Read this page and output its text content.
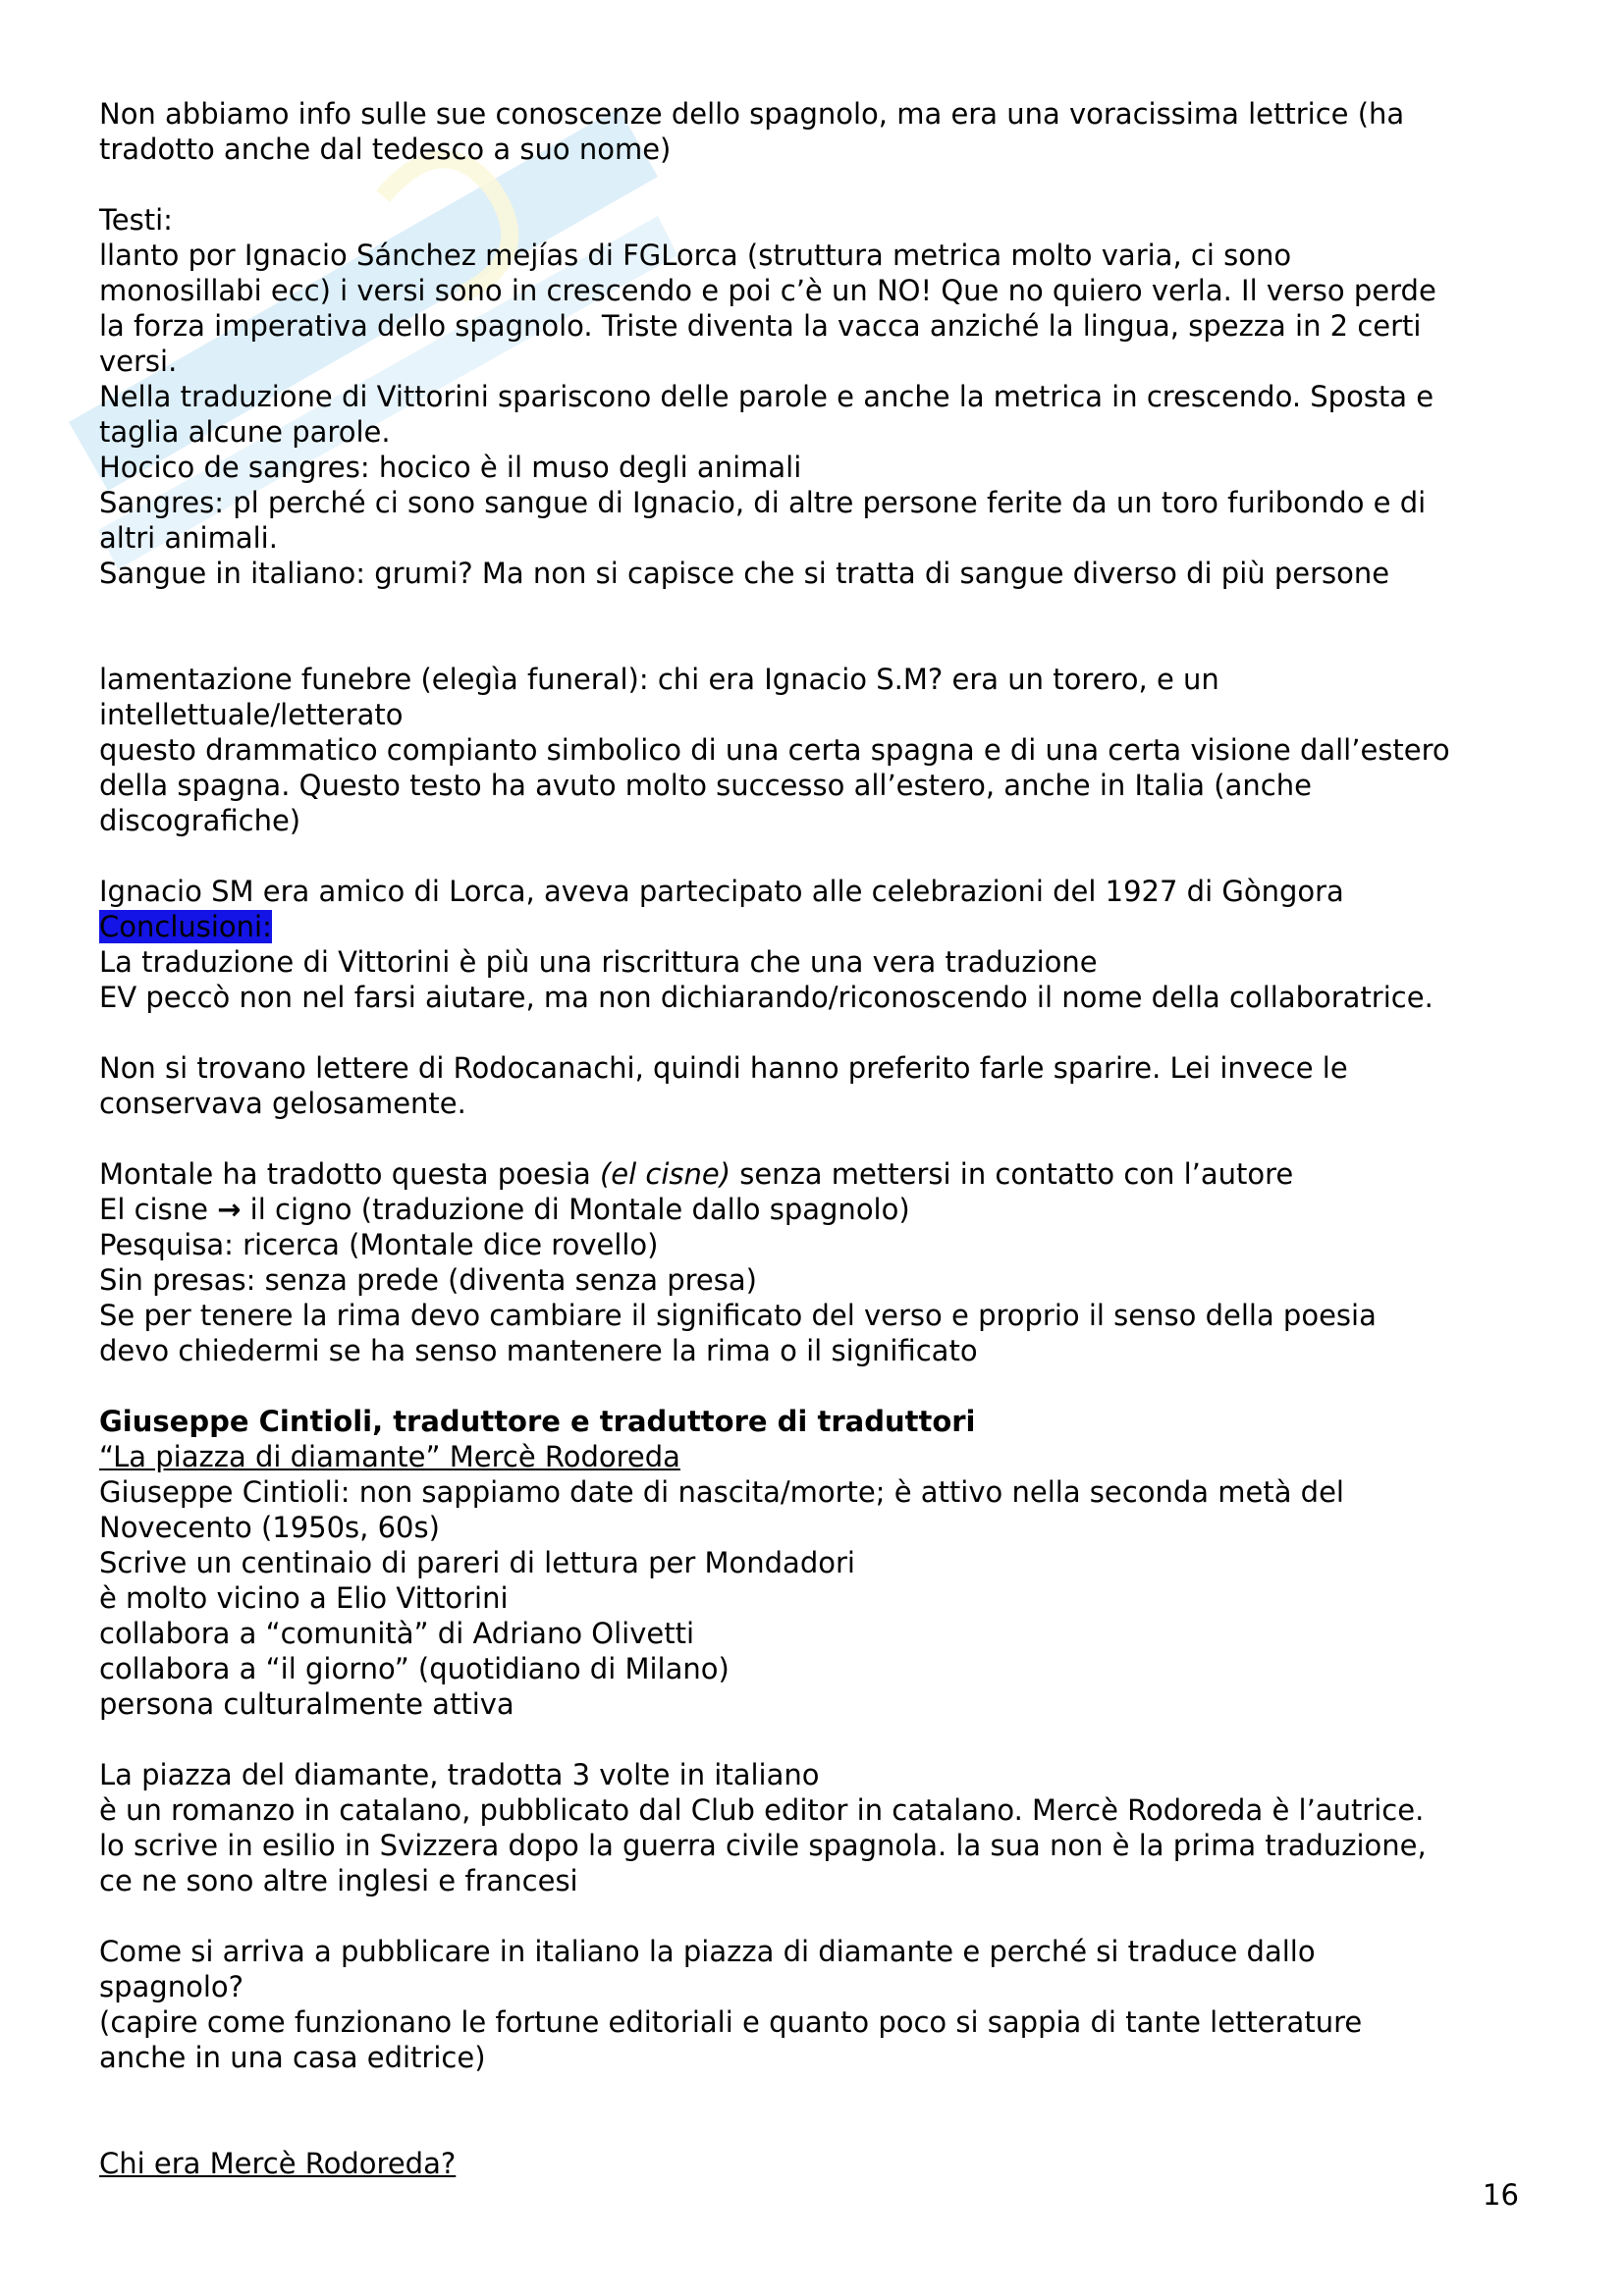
Non abbiamo info sulle sue conoscenze dello spagnolo, ma era una voracissima lettrice (ha

tradotto anche dal tedesco a suo nome)

Testi:

llanto por Ignacio Sánchez mejías di FGLorca (struttura metrica molto varia, ci sono

monosillabi ecc) i versi sono in crescendo e poi c’è un NO! Que no quiero verla. Il verso perde

la forza imperativa dello spagnolo. Triste diventa la vacca anziché la lingua, spezza in 2 certi

versi.

Nella traduzione di Vittorini spariscono delle parole e anche la metrica in crescendo. Sposta e

taglia alcune parole.

Hocico de sangres: hocico è il muso degli animali

Sangres: pl perché ci sono sangue di Ignacio, di altre persone ferite da un toro furibondo e di

altri animali.

Sangue in italiano: grumi? Ma non si capisce che si tratta di sangue diverso di più persone

lamentazione funebre (elegìa funeral): chi era Ignacio S.M? era un torero, e un

intellettuale/letterato

questo drammatico compianto simbolico di una certa spagna e di una certa visione dall’estero

della spagna. Questo testo ha avuto molto successo all’estero, anche in Italia (anche

discografiche)

Ignacio SM era amico di Lorca, aveva partecipato alle celebrazioni del 1927 di Gòngora

Conclusioni:

La traduzione di Vittorini è più una riscrittura che una vera traduzione

EV peccò non nel farsi aiutare, ma non dichiarando/riconoscendo il nome della collaboratrice.

Non si trovano lettere di Rodocanachi, quindi hanno preferito farle sparire. Lei invece le

conservava gelosamente.

Montale ha tradotto questa poesia (el cisne) senza mettersi in contatto con l’autore

El cisne → il cigno (traduzione di Montale dallo spagnolo)

Pesquisa: ricerca (Montale dice rovello)

Sin presas: senza prede (diventa senza presa)

Se per tenere la rima devo cambiare il significato del verso e proprio il senso della poesia

devo chiedermi se ha senso mantenere la rima o il significato

Giuseppe Cintioli, traduttore e traduttore di traduttori

“La piazza di diamante” Mercè Rodoreda

Giuseppe Cintioli: non sappiamo date di nascita/morte; è attivo nella seconda metà del

Novecento (1950s, 60s)

Scrive un centinaio di pareri di lettura per Mondadori

è molto vicino a Elio Vittorini

collabora a “comunità” di Adriano Olivetti

collabora a “il giorno” (quotidiano di Milano)

persona culturalmente attiva

La piazza del diamante, tradotta 3 volte in italiano

è un romanzo in catalano, pubblicato dal Club editor in catalano. Mercè Rodoreda è l’autrice.

lo scrive in esilio in Svizzera dopo la guerra civile spagnola. la sua non è la prima traduzione,

ce ne sono altre inglesi e francesi

Come si arriva a pubblicare in italiano la piazza di diamante e perché si traduce dallo

spagnolo?

(capire come funzionano le fortune editoriali e quanto poco si sappia di tante letterature

anche in una casa editrice)

Chi era Mercè Rodoreda?

16
